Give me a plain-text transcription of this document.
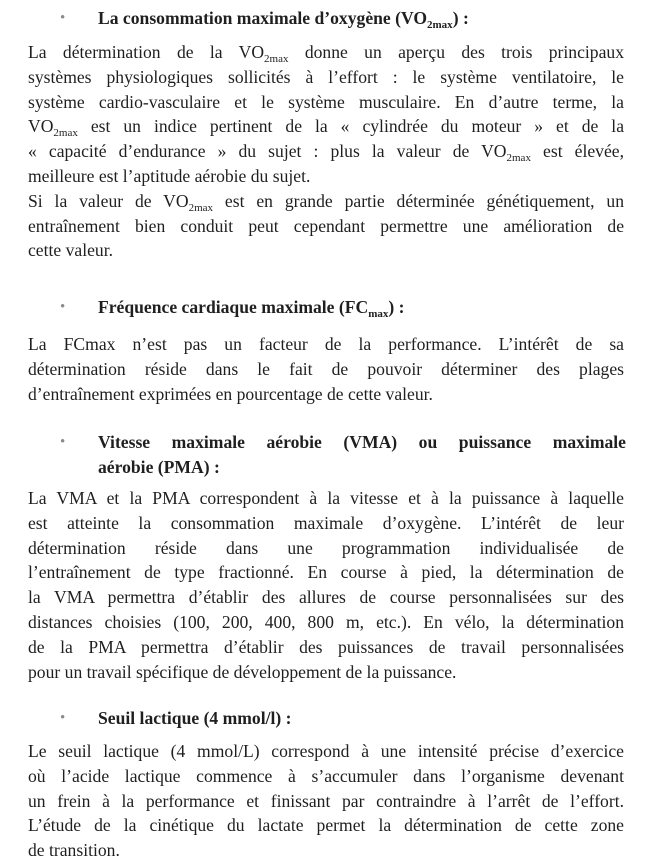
• La consommation maximale d’oxygène $(VO_{2max})$ :
La détermination de la $VO_{2max}$ donne un aperçu des trois principaux
systèmes physiologiques sollicités à l’effort : le système ventilatoire, le
système cardio-vasculaire et le système musculaire. En d’autre terme, la
$VO_{2max}$ est un indice pertinent de la « cylindrée du moteur » et de la
« capacité d’endurance » du sujet : plus la valeur de $VO_{2max}$ est élevée,
meilleure est l’aptitude aérobie du sujet.
Si la valeur de $VO_{2max}$ est en grande partie déterminée génétiquement, un
entraînement bien conduit peut cependant permettre une amélioration de
cette valeur.
• Fréquence cardiaque maximale $(FC_{max})$ :
La FCmax n’est pas un facteur de la performance. L’intérêt de sa
détermination réside dans le fait de pouvoir déterminer des plages
d’entraînement exprimées en pourcentage de cette valeur.
• Vitesse maximale aérobie (VMA) ou puissance maximale
aérobie (PMA) :
La VMA et la PMA correspondent à la vitesse et à la puissance à laquelle
est atteinte la consommation maximale d’oxygène. L’intérêt de leur
détermination réside dans une programmation individualisée de
l’entraînement de type fractionné. En course à pied, la détermination de
la VMA permettra d’établir des allures de course personnalisées sur des
distances choisies (100, 200, 400, 800 m, etc.). En vélo, la détermination
de la PMA permettra d’établir des puissances de travail personnalisées
pour un travail spécifique de développement de la puissance.
• Seuil lactique (4 mmol/l) :
Le seuil lactique (4 mmol/L) correspond à une intensité précise d’exercice
où l’acide lactique commence à s’accumuler dans l’organisme devenant
un frein à la performance et finissant par contraindre à l’arrêt de l’effort.
L’étude de la cinétique du lactate permet la détermination de cette zone
de transition.
